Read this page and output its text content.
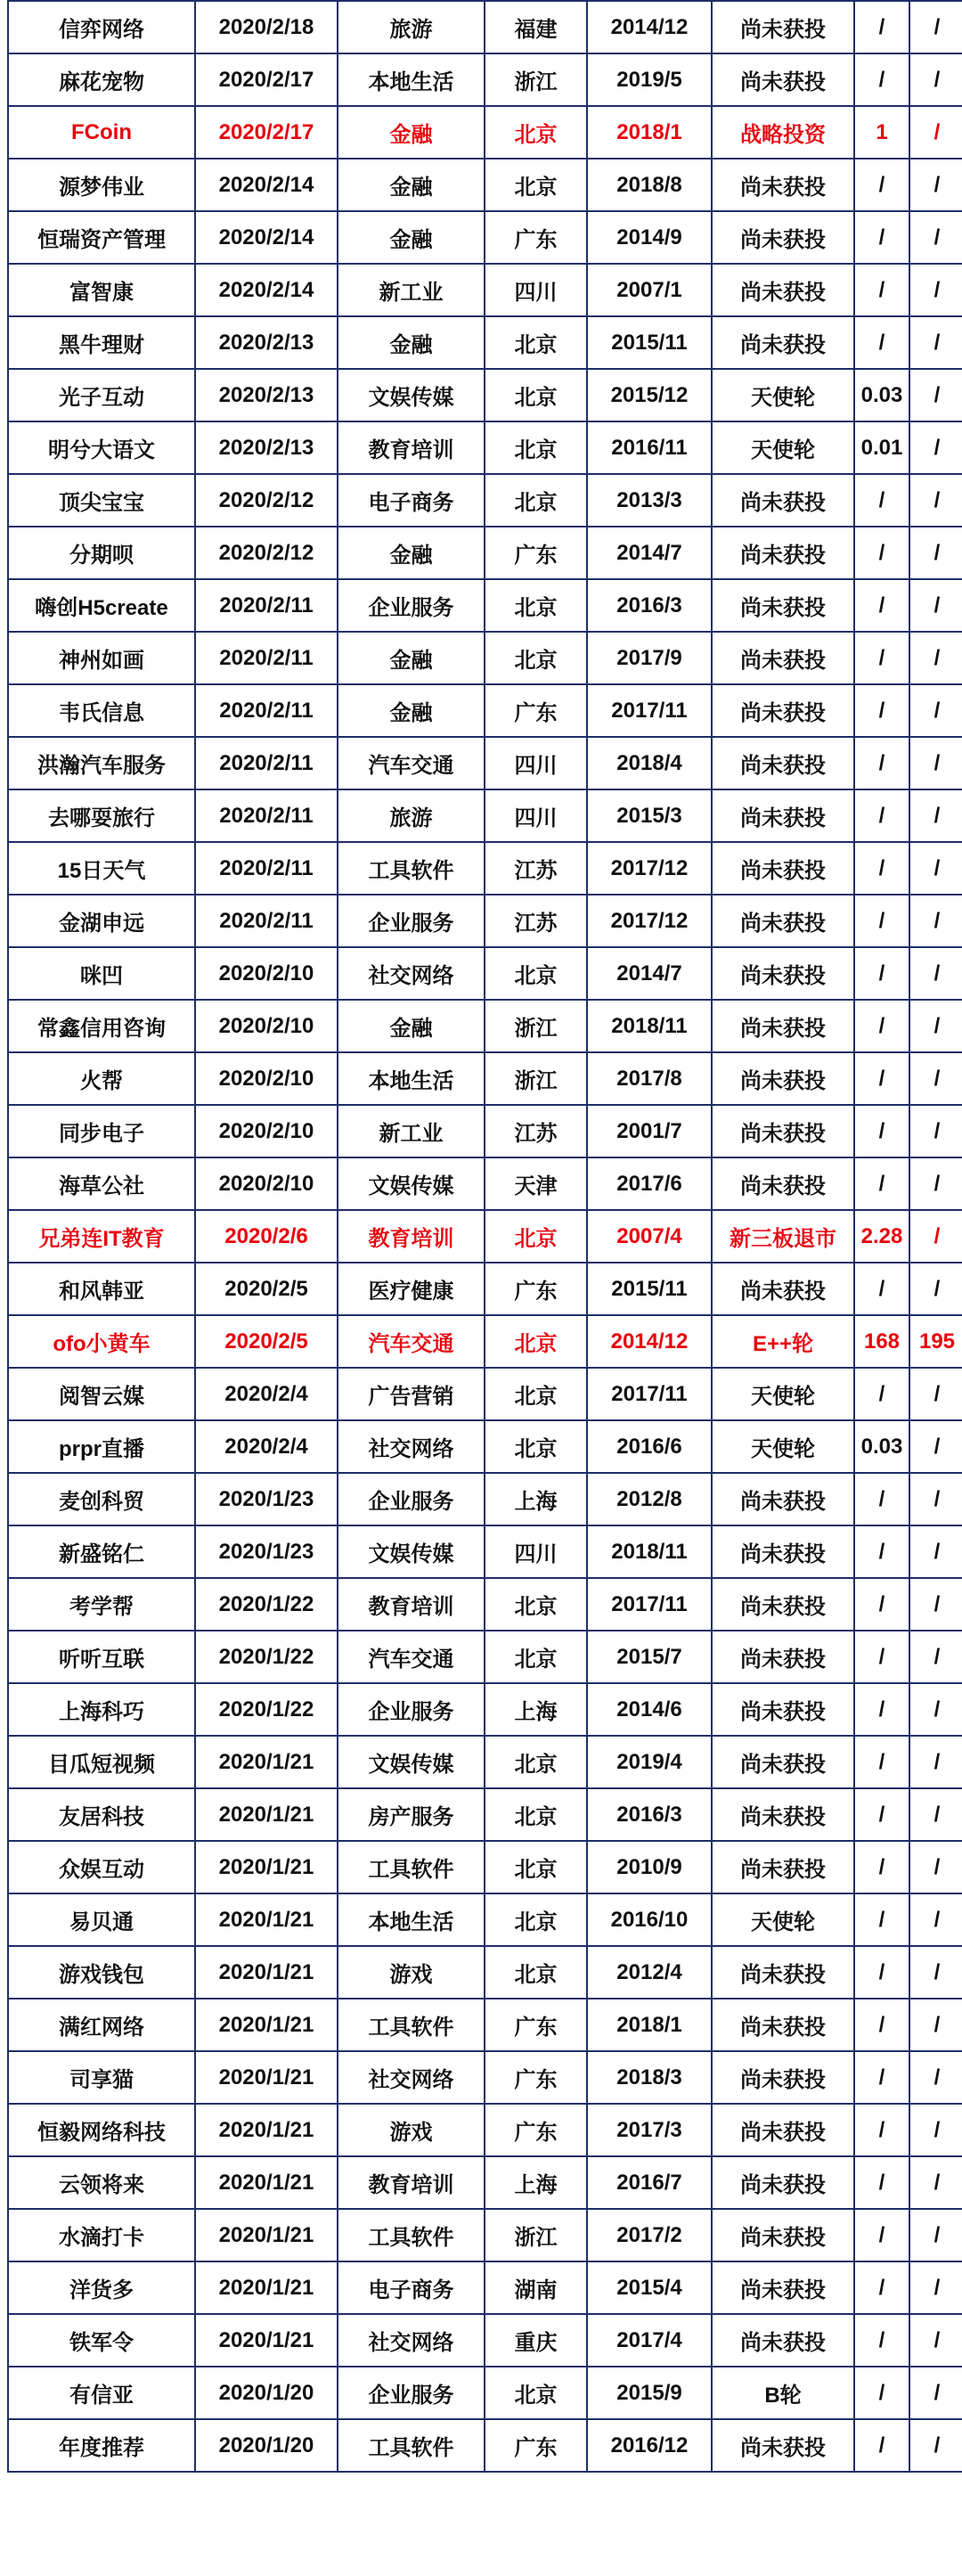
信弈网络	2020/2/18	旅游	福建	2014/12	尚未获投	/	/
麻花宠物	2020/2/17	本地生活	浙江	2019/5	尚未获投	/	/
FCoin	2020/2/17	金融	北京	2018/1	战略投资	1	/
源梦伟业	2020/2/14	金融	北京	2018/8	尚未获投	/	/
恒瑞资产管理	2020/2/14	金融	广东	2014/9	尚未获投	/	/
富智康	2020/2/14	新工业	四川	2007/1	尚未获投	/	/
黑牛理财	2020/2/13	金融	北京	2015/11	尚未获投	/	/
光子互动	2020/2/13	文娱传媒	北京	2015/12	天使轮	0.03	/
明兮大语文	2020/2/13	教育培训	北京	2016/11	天使轮	0.01	/
顶尖宝宝	2020/2/12	电子商务	北京	2013/3	尚未获投	/	/
分期呗	2020/2/12	金融	广东	2014/7	尚未获投	/	/
嗨创H5create	2020/2/11	企业服务	北京	2016/3	尚未获投	/	/
神州如画	2020/2/11	金融	北京	2017/9	尚未获投	/	/
韦氏信息	2020/2/11	金融	广东	2017/11	尚未获投	/	/
洪瀚汽车服务	2020/2/11	汽车交通	四川	2018/4	尚未获投	/	/
去哪耍旅行	2020/2/11	旅游	四川	2015/3	尚未获投	/	/
15日天气	2020/2/11	工具软件	江苏	2017/12	尚未获投	/	/
金湖申远	2020/2/11	企业服务	江苏	2017/12	尚未获投	/	/
咪凹	2020/2/10	社交网络	北京	2014/7	尚未获投	/	/
常鑫信用咨询	2020/2/10	金融	浙江	2018/11	尚未获投	/	/
火帮	2020/2/10	本地生活	浙江	2017/8	尚未获投	/	/
同步电子	2020/2/10	新工业	江苏	2001/7	尚未获投	/	/
海草公社	2020/2/10	文娱传媒	天津	2017/6	尚未获投	/	/
兄弟连IT教育	2020/2/6	教育培训	北京	2007/4	新三板退市	2.28	/
和风韩亚	2020/2/5	医疗健康	广东	2015/11	尚未获投	/	/
ofo小黄车	2020/2/5	汽车交通	北京	2014/12	E++轮	168	195
阅智云媒	2020/2/4	广告营销	北京	2017/11	天使轮	/	/
prpr直播	2020/2/4	社交网络	北京	2016/6	天使轮	0.03	/
麦创科贸	2020/1/23	企业服务	上海	2012/8	尚未获投	/	/
新盛铭仁	2020/1/23	文娱传媒	四川	2018/11	尚未获投	/	/
考学帮	2020/1/22	教育培训	北京	2017/11	尚未获投	/	/
听听互联	2020/1/22	汽车交通	北京	2015/7	尚未获投	/	/
上海科巧	2020/1/22	企业服务	上海	2014/6	尚未获投	/	/
目瓜短视频	2020/1/21	文娱传媒	北京	2019/4	尚未获投	/	/
友居科技	2020/1/21	房产服务	北京	2016/3	尚未获投	/	/
众娱互动	2020/1/21	工具软件	北京	2010/9	尚未获投	/	/
易贝通	2020/1/21	本地生活	北京	2016/10	天使轮	/	/
游戏钱包	2020/1/21	游戏	北京	2012/4	尚未获投	/	/
满红网络	2020/1/21	工具软件	广东	2018/1	尚未获投	/	/
司享猫	2020/1/21	社交网络	广东	2018/3	尚未获投	/	/
恒毅网络科技	2020/1/21	游戏	广东	2017/3	尚未获投	/	/
云领将来	2020/1/21	教育培训	上海	2016/7	尚未获投	/	/
水滴打卡	2020/1/21	工具软件	浙江	2017/2	尚未获投	/	/
洋货多	2020/1/21	电子商务	湖南	2015/4	尚未获投	/	/
铁军令	2020/1/21	社交网络	重庆	2017/4	尚未获投	/	/
有信亚	2020/1/20	企业服务	北京	2015/9	B轮	/	/
年度推荐	2020/1/20	工具软件	广东	2016/12	尚未获投	/	/
